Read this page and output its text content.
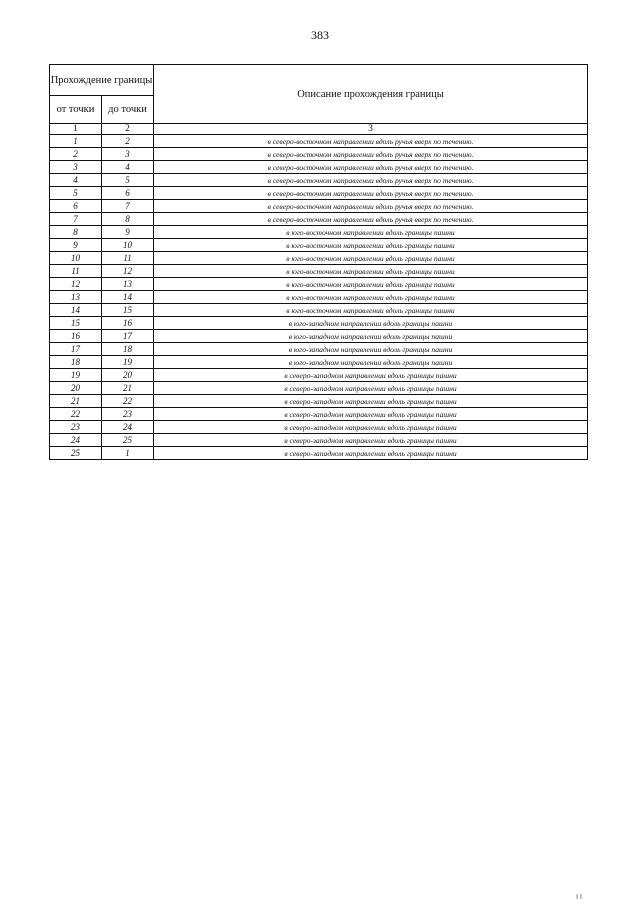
383
Прохождение границы		Описание прохождения границы
от точки	до точки	
1	2	3
1	2	в северо-восточном направлении вдоль ручья вверх по течению.
2	3	в северо-восточном направлении вдоль ручья вверх по течению.
3	4	в северо-восточном направлении вдоль ручья вверх по течению.
4	5	в северо-восточном направлении вдоль ручья вверх по течению.
5	6	в северо-восточном направлении вдоль ручья вверх по течению.
6	7	в северо-восточном направлении вдоль ручья вверх по течению.
7	8	в северо-восточном направлении вдоль ручья вверх по течению.
8	9	в юго-восточном направлении вдоль границы пашни
9	10	в юго-восточном направлении вдоль границы пашни
10	11	в юго-восточном направлении вдоль границы пашни
11	12	в юго-восточном направлении вдоль границы пашни
12	13	в юго-восточном направлении вдоль границы пашни
13	14	в юго-восточном направлении вдоль границы пашни
14	15	в юго-восточном направлении вдоль границы пашни
15	16	в юго-западном направлении вдоль границы пашни
16	17	в юго-западном направлении вдоль границы пашни
17	18	в юго-западном направлении вдоль границы пашни
18	19	в юго-западном направлении вдоль границы пашни
19	20	в северо-западном направлении вдоль границы пашни
20	21	в северо-западном направлении вдоль границы пашни
21	22	в северо-западном направлении вдоль границы пашни
22	23	в северо-западном направлении вдоль границы пашни
23	24	в северо-западном направлении вдоль границы пашни
24	25	в северо-западном направлении вдоль границы пашни
25	1	в северо-западном направлении вдоль границы пашни
I I
